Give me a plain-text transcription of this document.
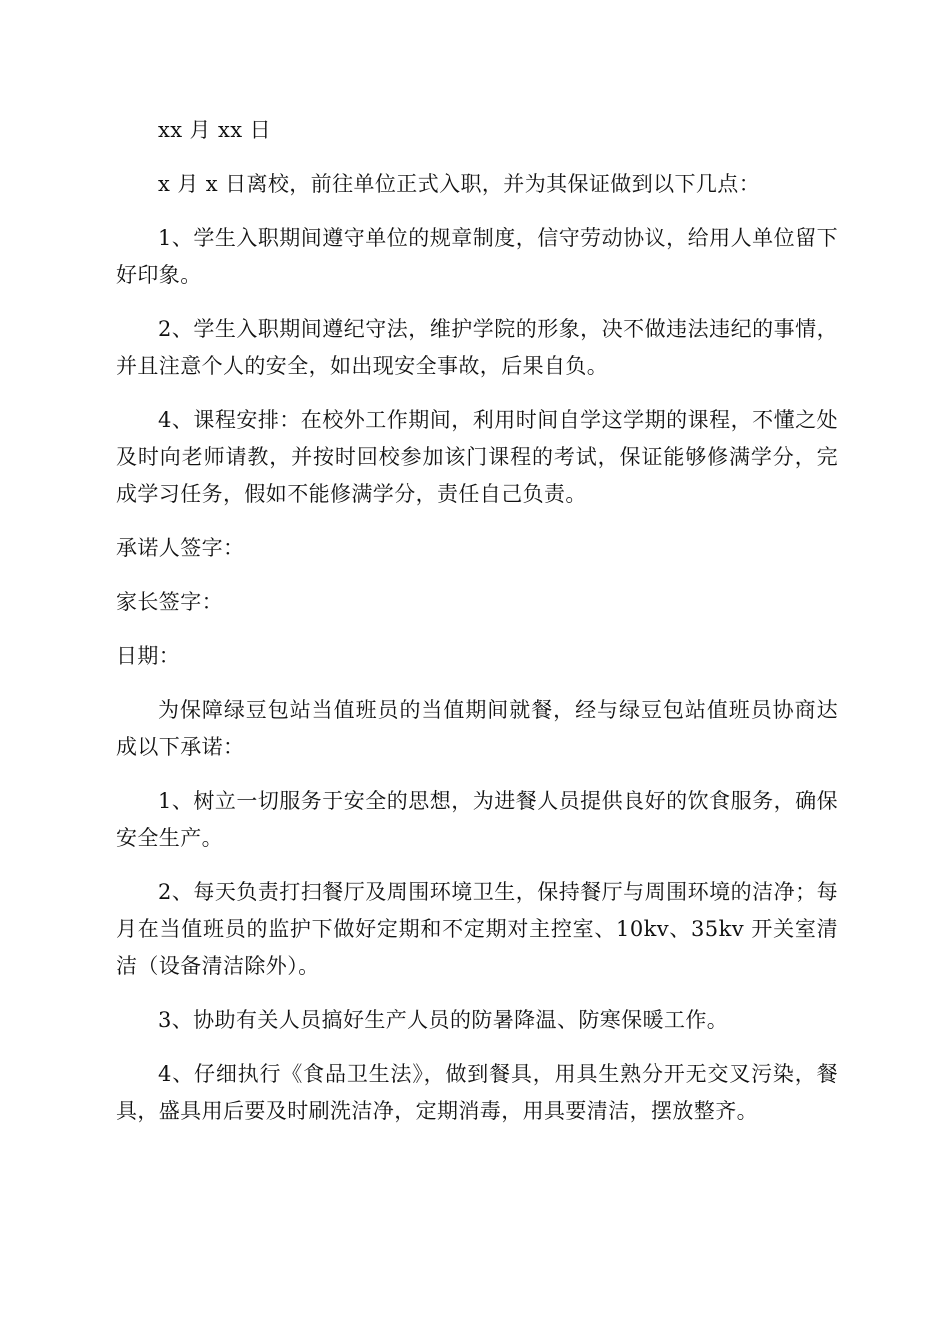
xx 月 xx 日

x 月 x 日离校，前往单位正式入职，并为其保证做到以下几点：

1、学生入职期间遵守单位的规章制度，信守劳动协议，给用人单位留下好印象。

2、学生入职期间遵纪守法，维护学院的形象，决不做违法违纪的事情，并且注意个人的安全，如出现安全事故，后果自负。

4、课程安排：在校外工作期间，利用时间自学这学期的课程，不懂之处及时向老师请教，并按时回校参加该门课程的考试，保证能够修满学分，完成学习任务，假如不能修满学分，责任自己负责。

承诺人签字：

家长签字：

日期：

为保障绿豆包站当值班员的当值期间就餐，经与绿豆包站值班员协商达成以下承诺：

1、树立一切服务于安全的思想，为进餐人员提供良好的饮食服务，确保安全生产。

2、每天负责打扫餐厅及周围环境卫生，保持餐厅与周围环境的洁净；每月在当值班员的监护下做好定期和不定期对主控室、10kv、35kv 开关室清洁（设备清洁除外）。

3、协助有关人员搞好生产人员的防暑降温、防寒保暖工作。

4、仔细执行《食品卫生法》，做到餐具，用具生熟分开无交叉污染，餐具，盛具用后要及时刷洗洁净，定期消毒，用具要清洁，摆放整齐。
